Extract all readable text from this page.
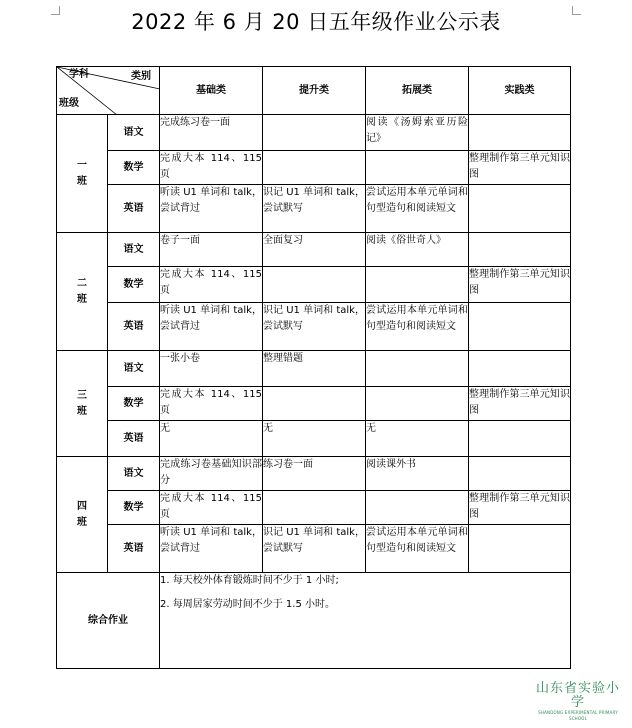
2022 年 6 月 20 日五年级作业公示表
学科 类别
班级		基础类	提升类	拓展类	实践类
一
班	语文	完成练习卷一面		阅读《汤姆索亚历险记》	
	数学	完成大本 114、115 页			整理制作第三单元知识图
	英语	听读 U1 单词和 talk，尝试背过	识记 U1 单词和 talk，尝试默写	尝试运用本单元单词和句型造句和阅读短文	
二
班	语文	卷子一面	全面复习	阅读《俗世奇人》	
	数学	完成大本 114、115 页			整理制作第三单元知识图
	英语	听读 U1 单词和 talk，尝试背过	识记 U1 单词和 talk，尝试默写	尝试运用本单元单词和句型造句和阅读短文	
三
班	语文	一张小卷	整理错题		
	数学	完成大本 114、115 页			整理制作第三单元知识图
	英语	无	无	无	
四
班	语文	完成练习卷基础知识部分	练习卷一面	阅读课外书	
	数学	完成大本 114、115 页			整理制作第三单元知识图
	英语	听读 U1 单词和 talk，尝试背过	识记 U1 单词和 talk，尝试默写	尝试运用本单元单词和句型造句和阅读短文	
综合作业		1. 每天校外体育锻炼时间不少于 1 小时;
2. 每周居家劳动时间不少于 1.5 小时。			
山东省实验小学
SHANDONG EXPERIMENTAL PRIMARY SCHOOL
